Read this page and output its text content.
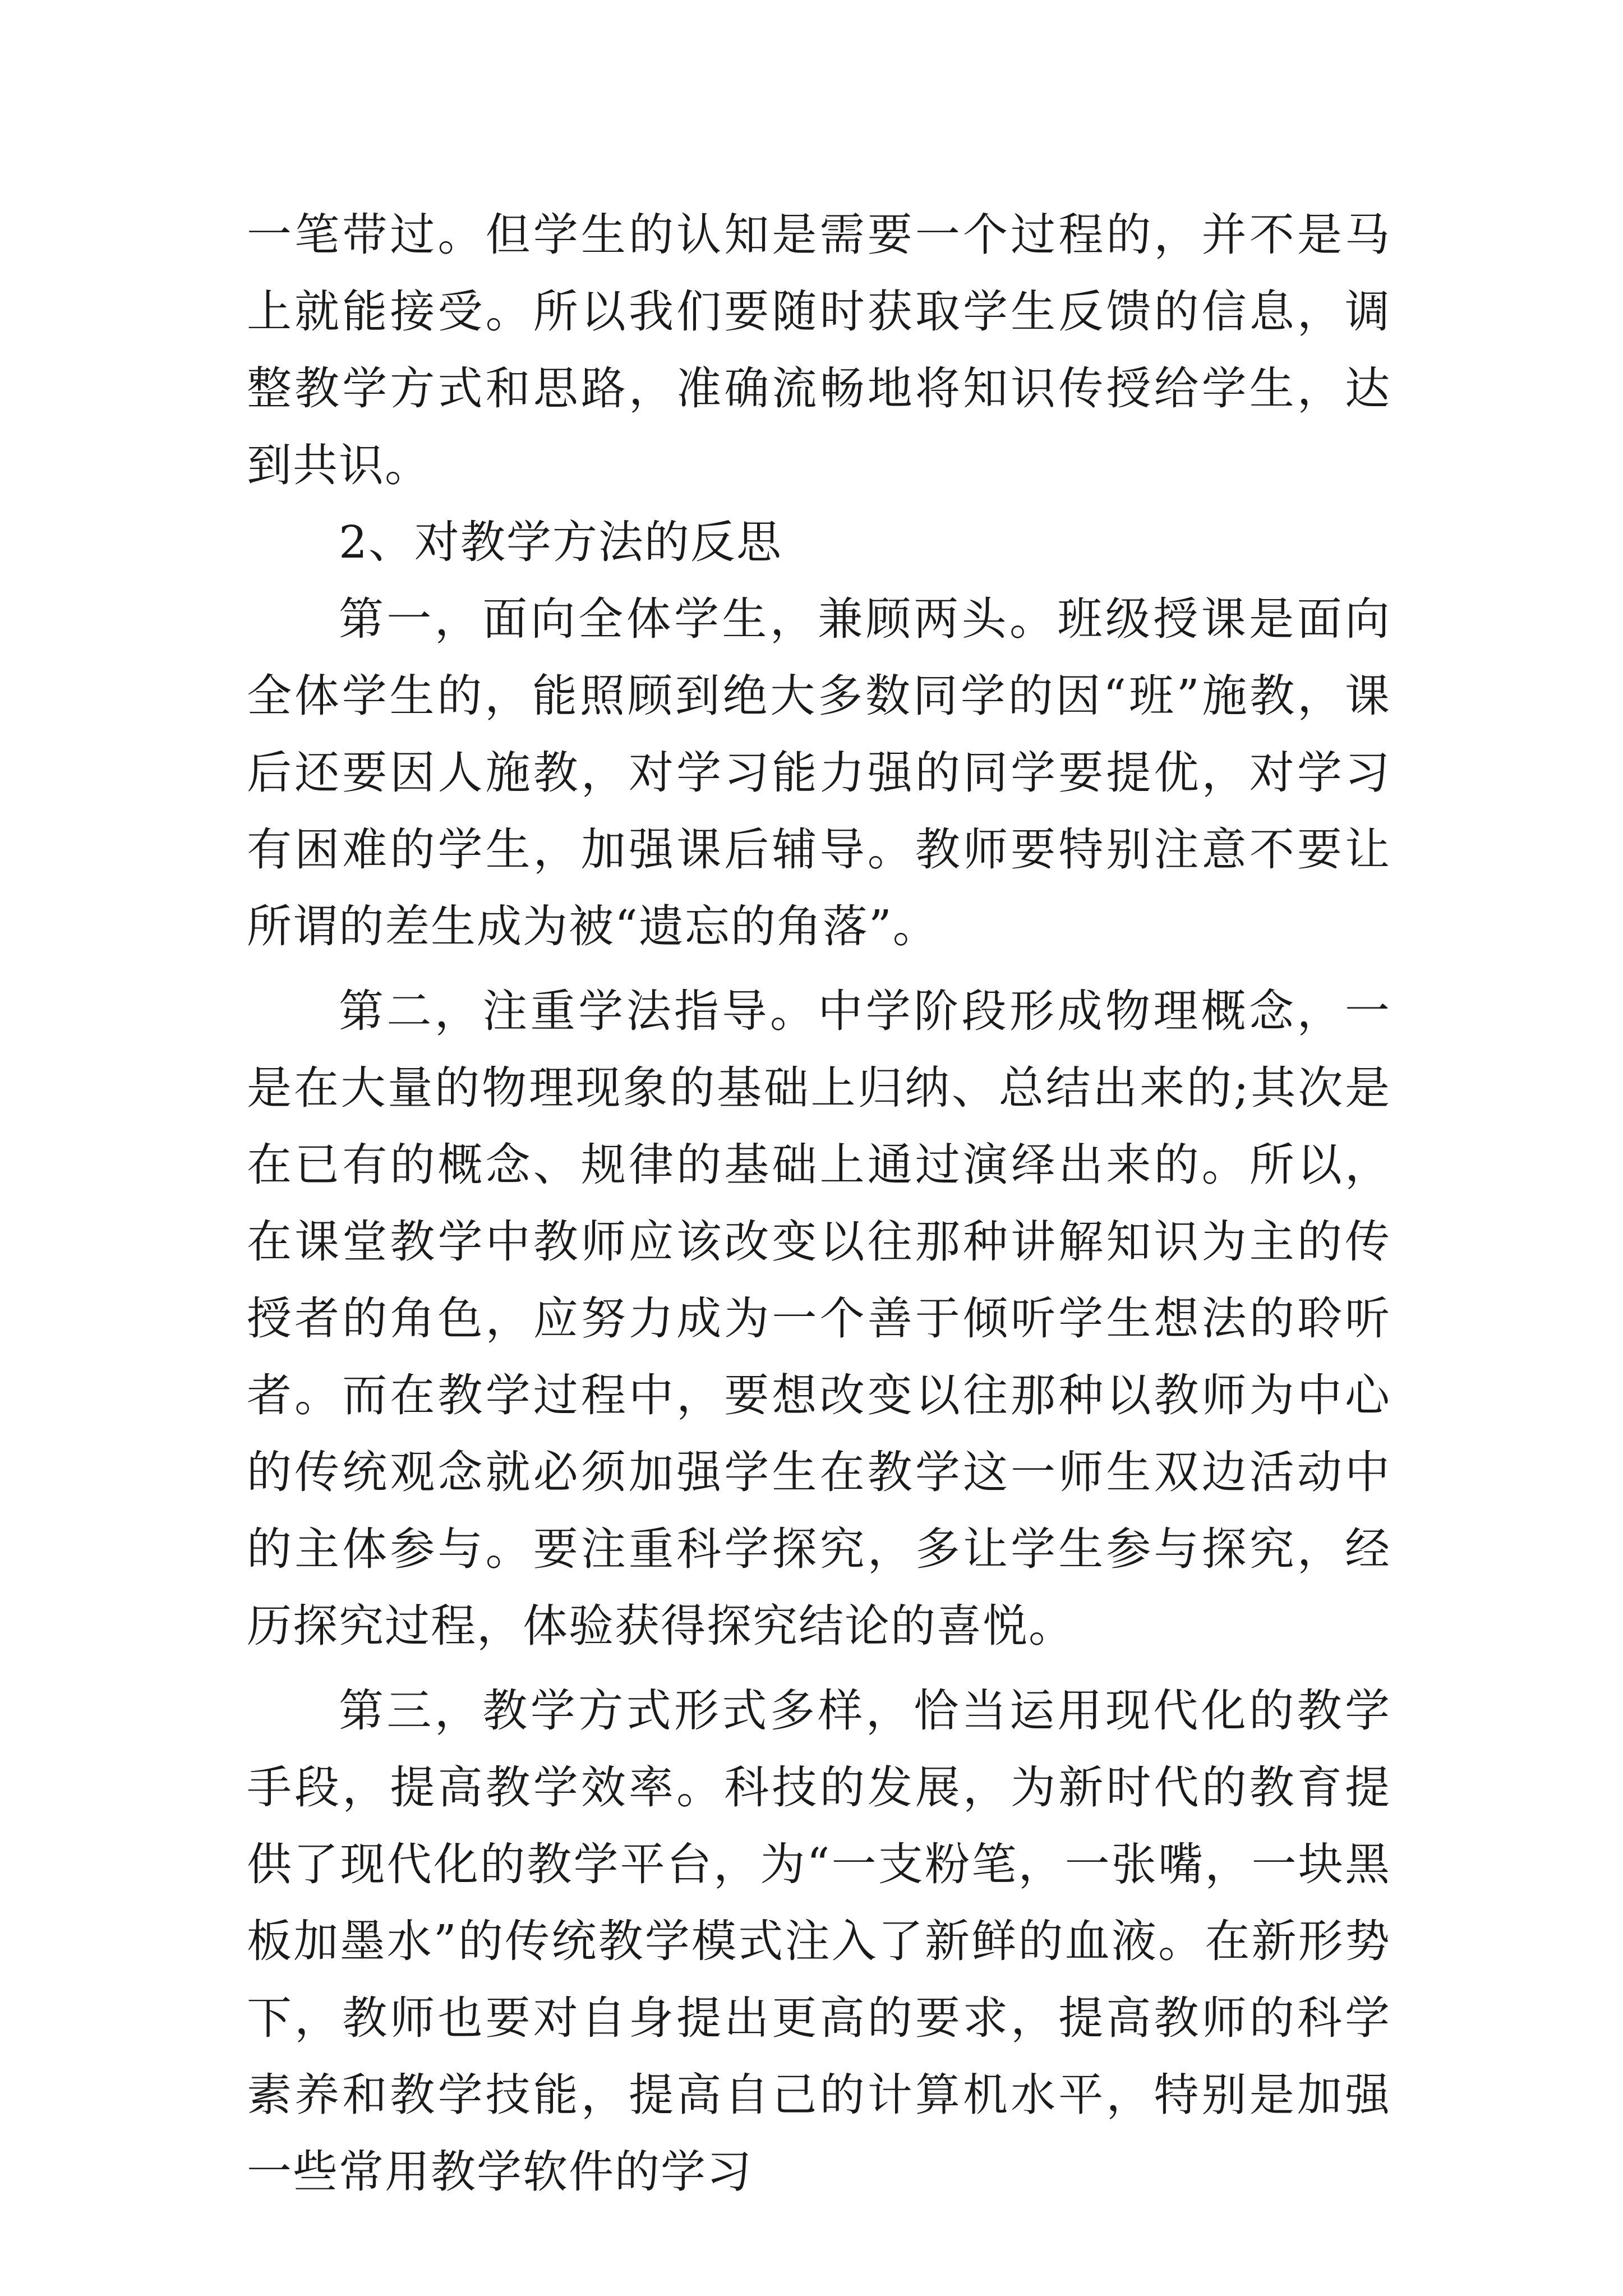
一笔带过。但学生的认知是需要一个过程的，并不是马上就能接受。所以我们要随时获取学生反馈的信息，调整教学方式和思路，准确流畅地将知识传授给学生，达到共识。

2、对教学方法的反思

第一，面向全体学生，兼顾两头。班级授课是面向全体学生的，能照顾到绝大多数同学的因“班”施教，课后还要因人施教，对学习能力强的同学要提优，对学习有困难的学生，加强课后辅导。教师要特别注意不要让所谓的差生成为被“遗忘的角落”。

第二，注重学法指导。中学阶段形成物理概念，一是在大量的物理现象的基础上归纳、总结出来的;其次是在已有的概念、规律的基础上通过演绎出来的。所以，在课堂教学中教师应该改变以往那种讲解知识为主的传授者的角色，应努力成为一个善于倾听学生想法的聆听者。而在教学过程中，要想改变以往那种以教师为中心的传统观念就必须加强学生在教学这一师生双边活动中的主体参与。要注重科学探究，多让学生参与探究，经历探究过程，体验获得探究结论的喜悦。

第三，教学方式形式多样，恰当运用现代化的教学手段，提高教学效率。科技的发展，为新时代的教育提供了现代化的教学平台，为“一支粉笔，一张嘴，一块黑板加墨水”的传统教学模式注入了新鲜的血液。在新形势下，教师也要对自身提出更高的要求，提高教师的科学素养和教学技能，提高自己的计算机水平，特别是加强一些常用教学软件的学习
